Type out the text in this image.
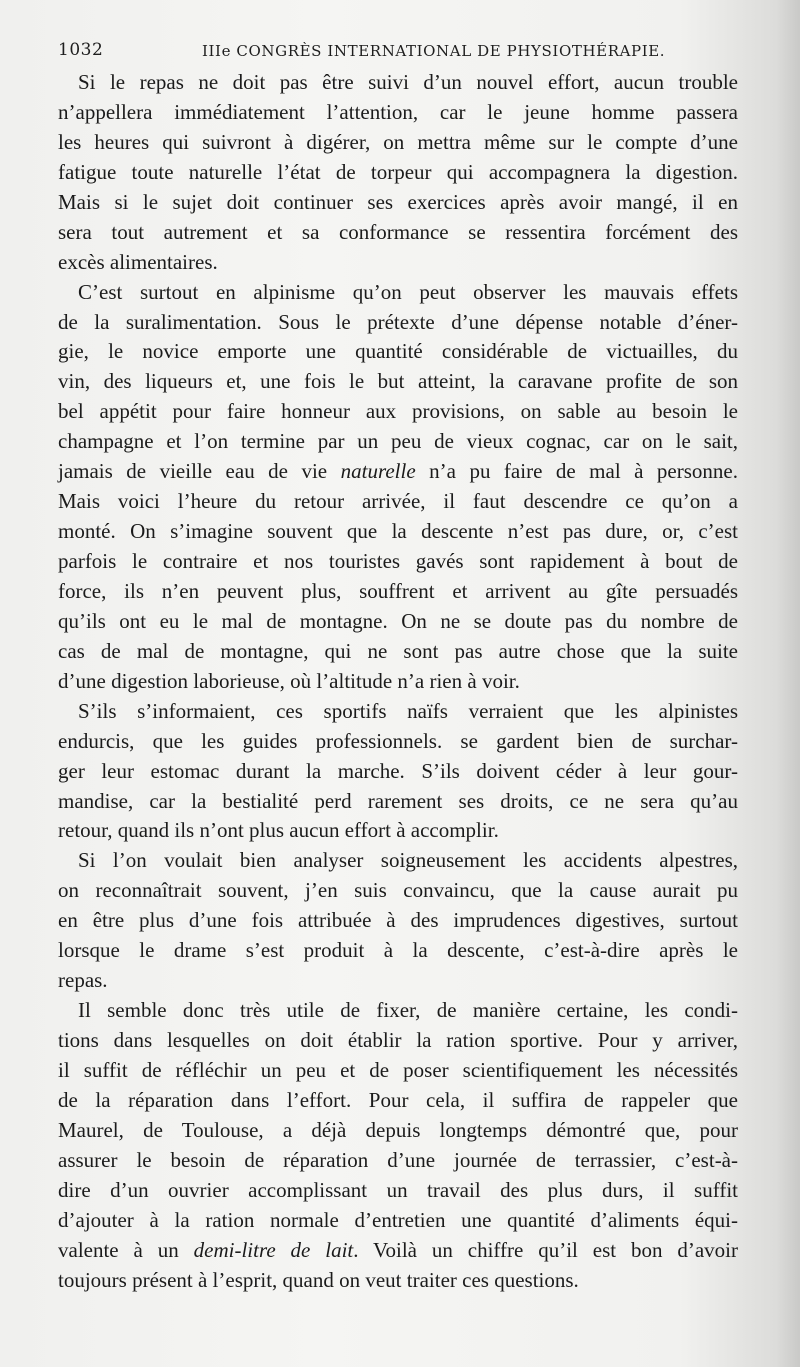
1032	IIIe CONGRÈS INTERNATIONAL DE PHYSIOTHÉRAPIE.
Si le repas ne doit pas être suivi d’un nouvel effort, aucun trouble
n’appellera immédiatement l’attention, car le jeune homme passera
les heures qui suivront à digérer, on mettra même sur le compte d’une
fatigue toute naturelle l’état de torpeur qui accompagnera la digestion.
Mais si le sujet doit continuer ses exercices après avoir mangé, il en
sera tout autrement et sa conformance se ressentira forcément des
excès alimentaires.
C’est surtout en alpinisme qu’on peut observer les mauvais effets
de la suralimentation. Sous le prétexte d’une dépense notable d’éner-
gie, le novice emporte une quantité considérable de victuailles, du
vin, des liqueurs et, une fois le but atteint, la caravane profite de son
bel appétit pour faire honneur aux provisions, on sable au besoin le
champagne et l’on termine par un peu de vieux cognac, car on le sait,
jamais de vieille eau de vie naturelle n’a pu faire de mal à personne.
Mais voici l’heure du retour arrivée, il faut descendre ce qu’on a
monté. On s’imagine souvent que la descente n’est pas dure, or, c’est
parfois le contraire et nos touristes gavés sont rapidement à bout de
force, ils n’en peuvent plus, souffrent et arrivent au gîte persuadés
qu’ils ont eu le mal de montagne. On ne se doute pas du nombre de
cas de mal de montagne, qui ne sont pas autre chose que la suite
d’une digestion laborieuse, où l’altitude n’a rien à voir.
S’ils s’informaient, ces sportifs naïfs verraient que les alpinistes
endurcis, que les guides professionnels. se gardent bien de surchar-
ger leur estomac durant la marche. S’ils doivent céder à leur gour-
mandise, car la bestialité perd rarement ses droits, ce ne sera qu’au
retour, quand ils n’ont plus aucun effort à accomplir.
Si l’on voulait bien analyser soigneusement les accidents alpestres,
on reconnaîtrait souvent, j’en suis convaincu, que la cause aurait pu
en être plus d’une fois attribuée à des imprudences digestives, surtout
lorsque le drame s’est produit à la descente, c’est-à-dire après le
repas.
Il semble donc très utile de fixer, de manière certaine, les condi-
tions dans lesquelles on doit établir la ration sportive. Pour y arriver,
il suffit de réfléchir un peu et de poser scientifiquement les nécessités
de la réparation dans l’effort. Pour cela, il suffira de rappeler que
Maurel, de Toulouse, a déjà depuis longtemps démontré que, pour
assurer le besoin de réparation d’une journée de terrassier, c’est-à-
dire d’un ouvrier accomplissant un travail des plus durs, il suffit
d’ajouter à la ration normale d’entretien une quantité d’aliments équi-
valente à un demi-litre de lait. Voilà un chiffre qu’il est bon d’avoir
toujours présent à l’esprit, quand on veut traiter ces questions.
